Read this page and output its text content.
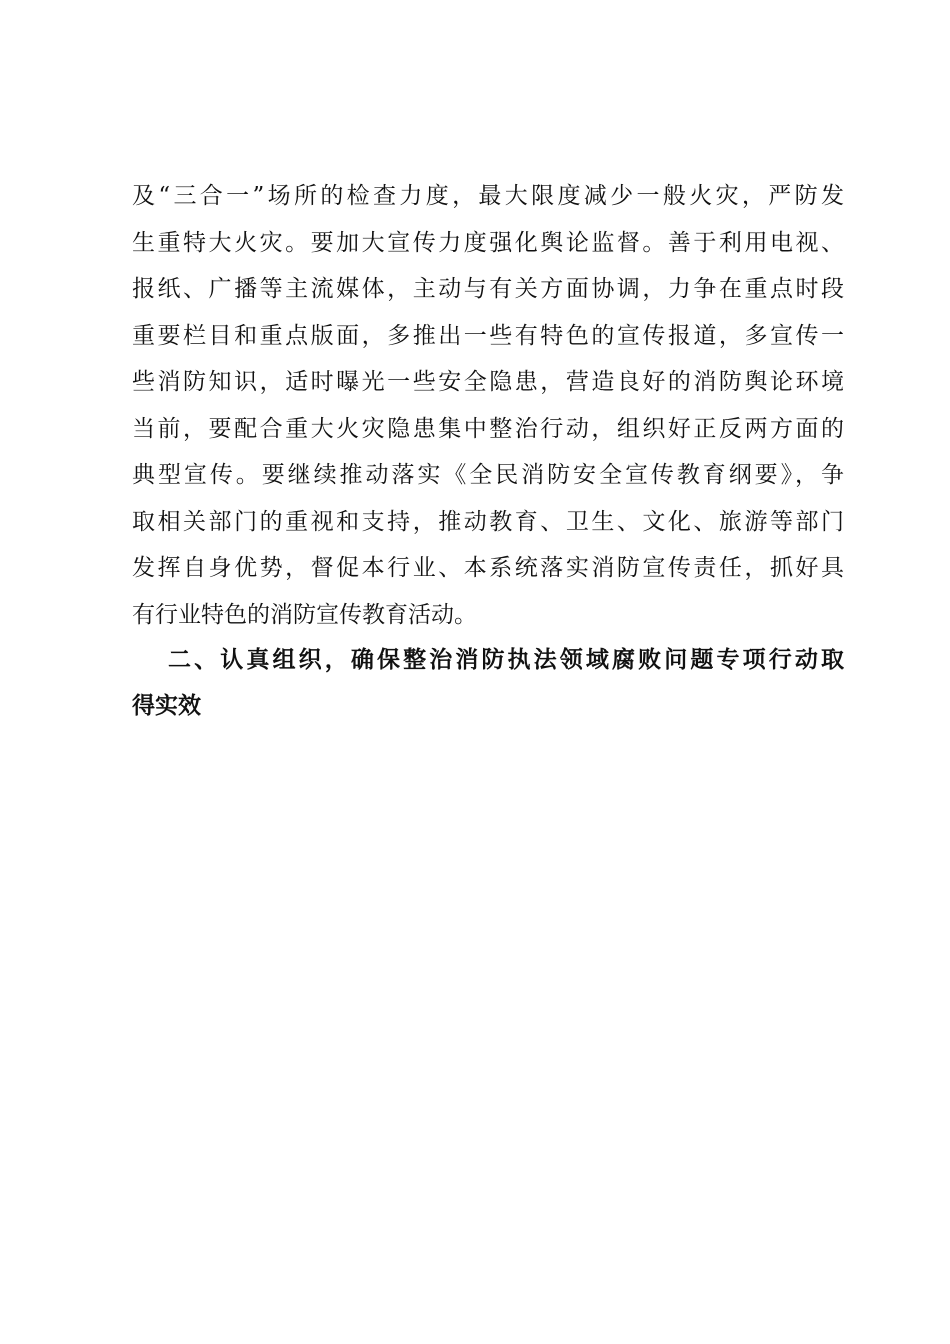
及“三合一”场所的检查力度，最大限度减少一般火灾，严防发
生重特大火灾。要加大宣传力度强化舆论监督。善于利用电视、
报纸、广播等主流媒体，主动与有关方面协调，力争在重点时段
重要栏目和重点版面，多推出一些有特色的宣传报道，多宣传一
些消防知识，适时曝光一些安全隐患，营造良好的消防舆论环境
当前，要配合重大火灾隐患集中整治行动，组织好正反两方面的
典型宣传。要继续推动落实《全民消防安全宣传教育纲要》，争
取相关部门的重视和支持，推动教育、卫生、文化、旅游等部门
发挥自身优势，督促本行业、本系统落实消防宣传责任，抓好具
有行业特色的消防宣传教育活动。
二、认真组织，确保整治消防执法领域腐败问题专项行动取
得实效
